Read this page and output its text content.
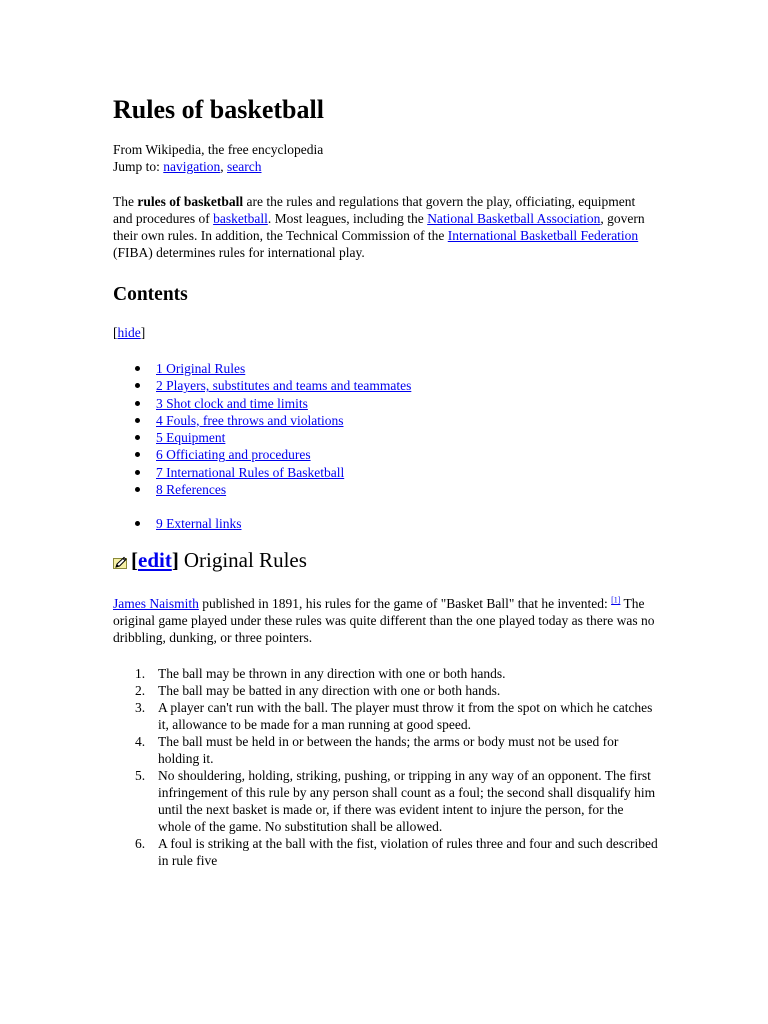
Rules of basketball
From Wikipedia, the free encyclopedia
Jump to: navigation, search

The rules of basketball are the rules and regulations that govern the play, officiating, equipment and procedures of basketball. Most leagues, including the National Basketball Association, govern their own rules. In addition, the Technical Commission of the International Basketball Federation (FIBA) determines rules for international play.

Contents
[hide]
1 Original Rules
2 Players, substitutes and teams and teammates
3 Shot clock and time limits
4 Fouls, free throws and violations
5 Equipment
6 Officiating and procedures
7 International Rules of Basketball
8 References
9 External links
[ edit ] Original Rules

James Naismith published in 1891, his rules for the game of "Basket Ball" that he invented: [1] The original game played under these rules was quite different than the one played today as there was no dribbling, dunking, or three pointers.

1. The ball may be thrown in any direction with one or both hands.
2. The ball may be batted in any direction with one or both hands.
3. A player can't run with the ball. The player must throw it from the spot on which he catches it, allowance to be made for a man running at good speed.
4. The ball must be held in or between the hands; the arms or body must not be used for holding it.
5. No shouldering, holding, striking, pushing, or tripping in any way of an opponent. The first infringement of this rule by any person shall count as a foul; the second shall disqualify him until the next basket is made or, if there was evident intent to injure the person, for the whole of the game. No substitution shall be allowed.
6. A foul is striking at the ball with the fist, violation of rules three and four and such described in rule five
